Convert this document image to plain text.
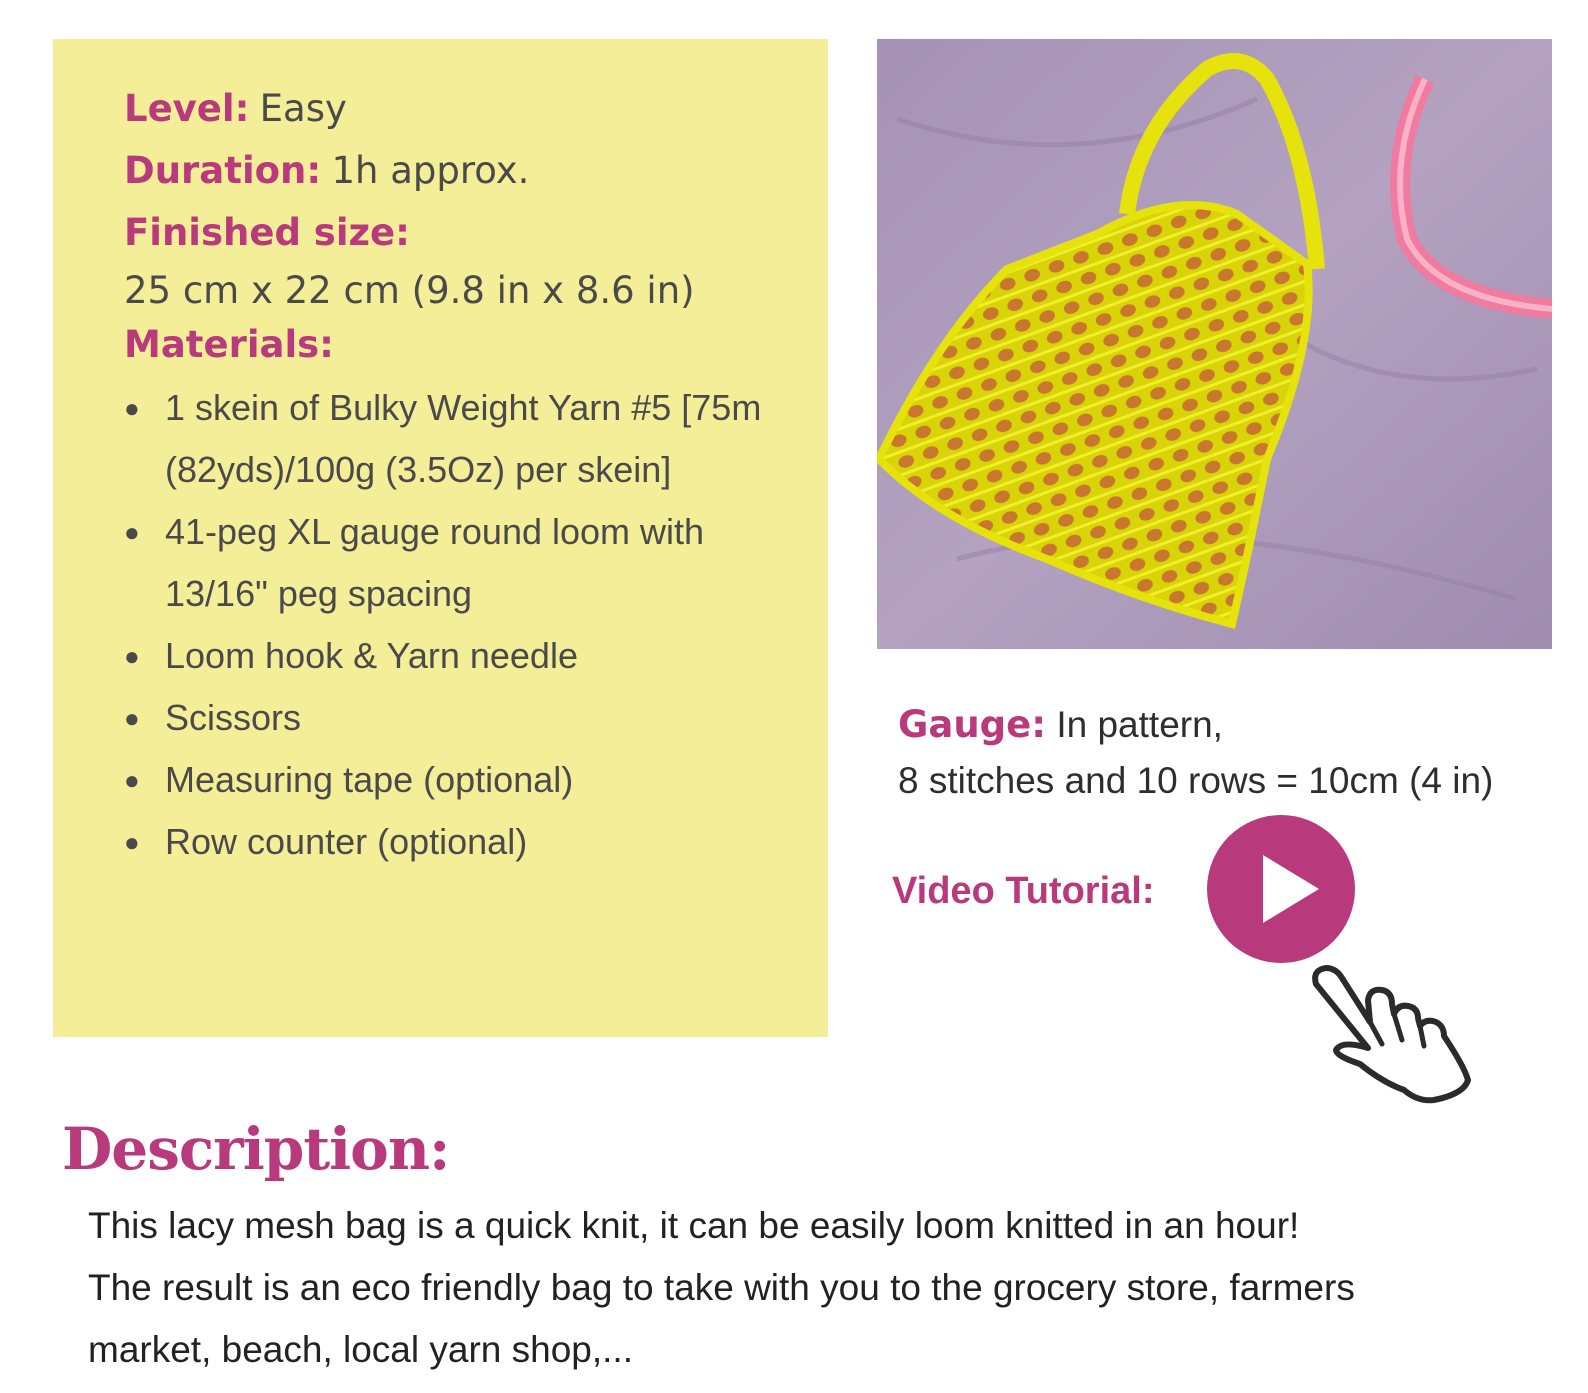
Level: Easy

Duration: 1h approx.

Finished size:

25 cm x 22 cm (9.8 in x 8.6 in)

Materials:

● 1 skein of Bulky Weight Yarn #5 [75m (82yds)/100g (3.5Oz) per skein]
● 41-peg XL gauge round loom with 13/16" peg spacing
● Loom hook & Yarn needle
● Scissors
● Measuring tape (optional)
● Row counter (optional)

Gauge: In pattern,

8 stitches and 10 rows = 10cm (4 in)

Video Tutorial:
Description:

This lacy mesh bag is a quick knit, it can be easily loom knitted in an hour!

The result is an eco friendly bag to take with you to the grocery store, farmers

market, beach, local yarn shop,...
